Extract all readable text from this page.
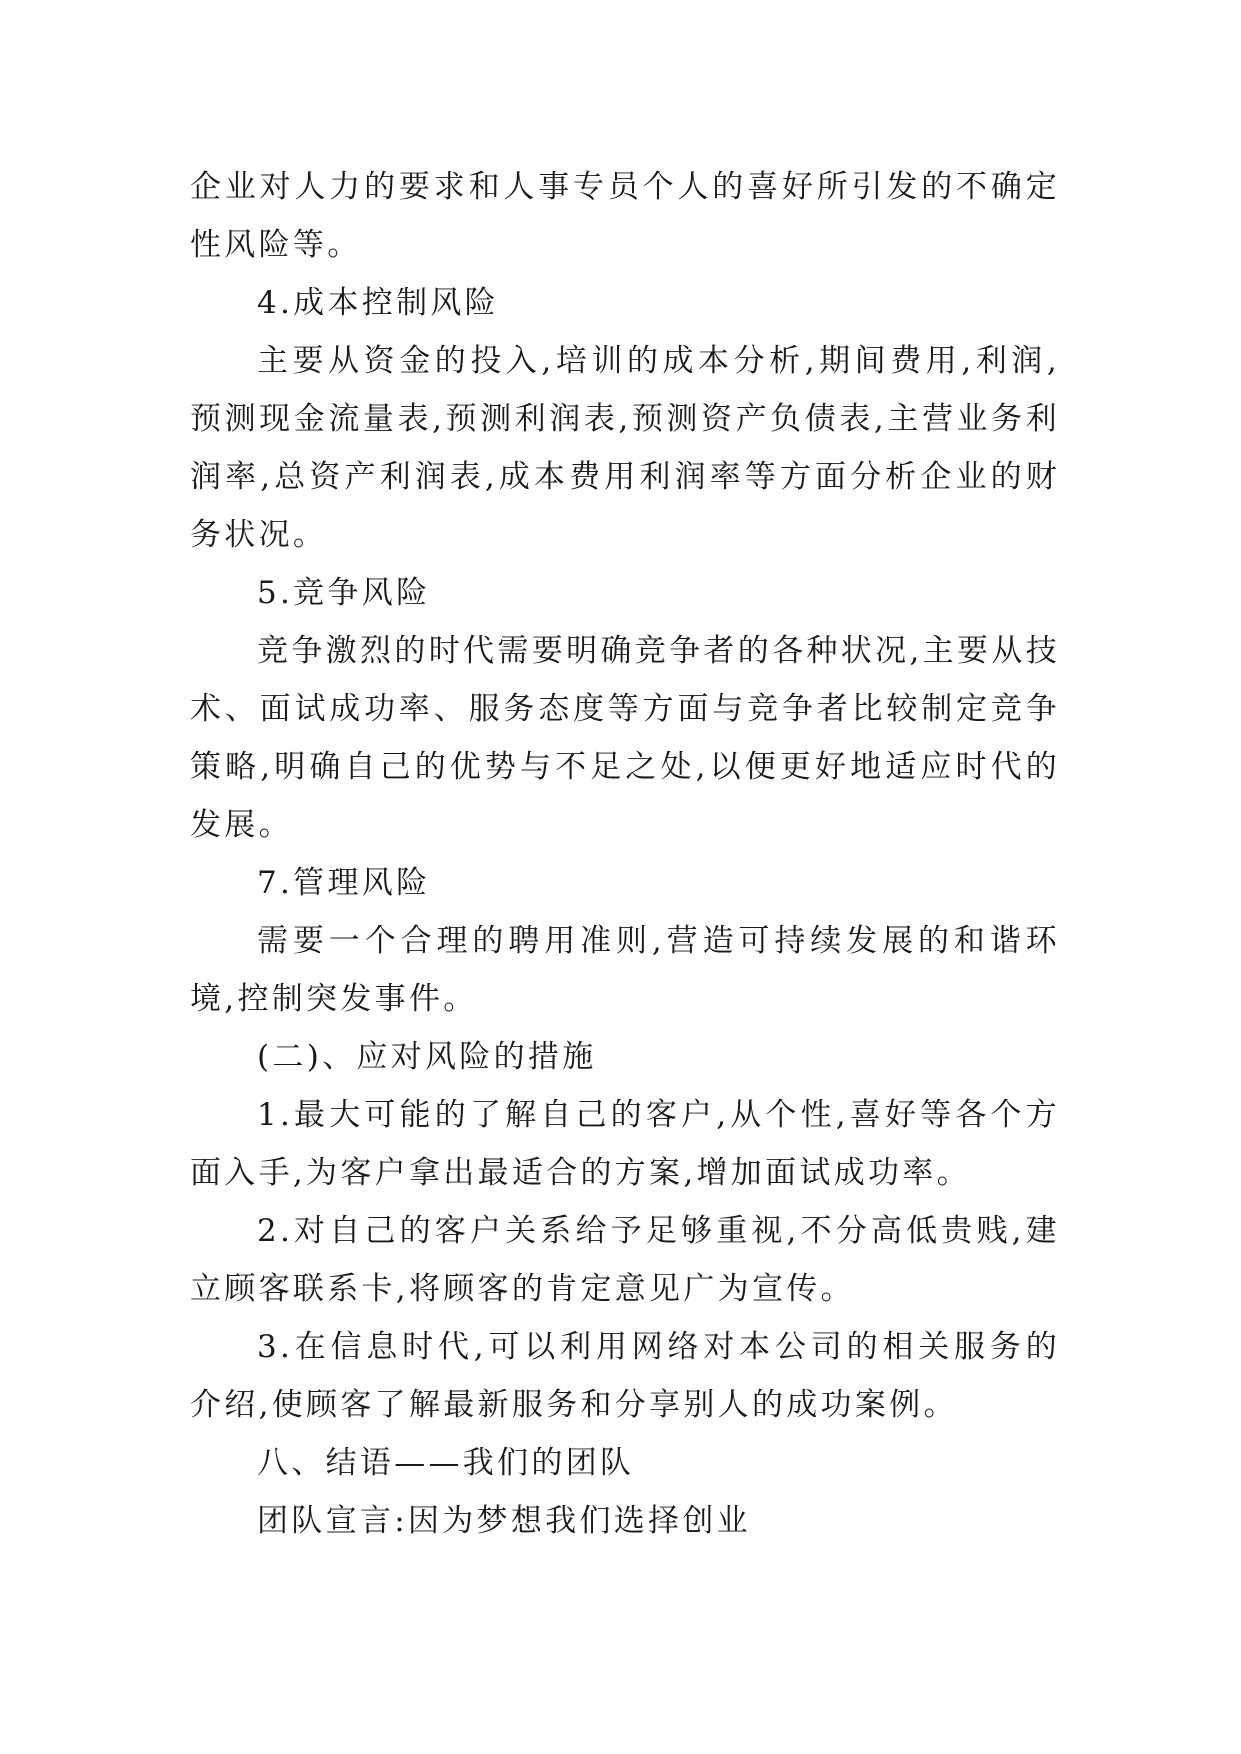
企业对人力的要求和人事专员个人的喜好所引发的不确定性风险等。

4.成本控制风险

主要从资金的投入,培训的成本分析,期间费用,利润,预测现金流量表,预测利润表,预测资产负债表,主营业务利润率,总资产利润表,成本费用利润率等方面分析企业的财务状况。

5.竞争风险

竞争激烈的时代需要明确竞争者的各种状况,主要从技术、面试成功率、服务态度等方面与竞争者比较制定竞争策略,明确自己的优势与不足之处,以便更好地适应时代的发展。

7.管理风险

需要一个合理的聘用准则,营造可持续发展的和谐环境,控制突发事件。

(二)、应对风险的措施

1.最大可能的了解自己的客户,从个性,喜好等各个方面入手,为客户拿出最适合的方案,增加面试成功率。

2.对自己的客户关系给予足够重视,不分高低贵贱,建立顾客联系卡,将顾客的肯定意见广为宣传。

3.在信息时代,可以利用网络对本公司的相关服务的介绍,使顾客了解最新服务和分享别人的成功案例。

八、结语——我们的团队

团队宣言:因为梦想我们选择创业
